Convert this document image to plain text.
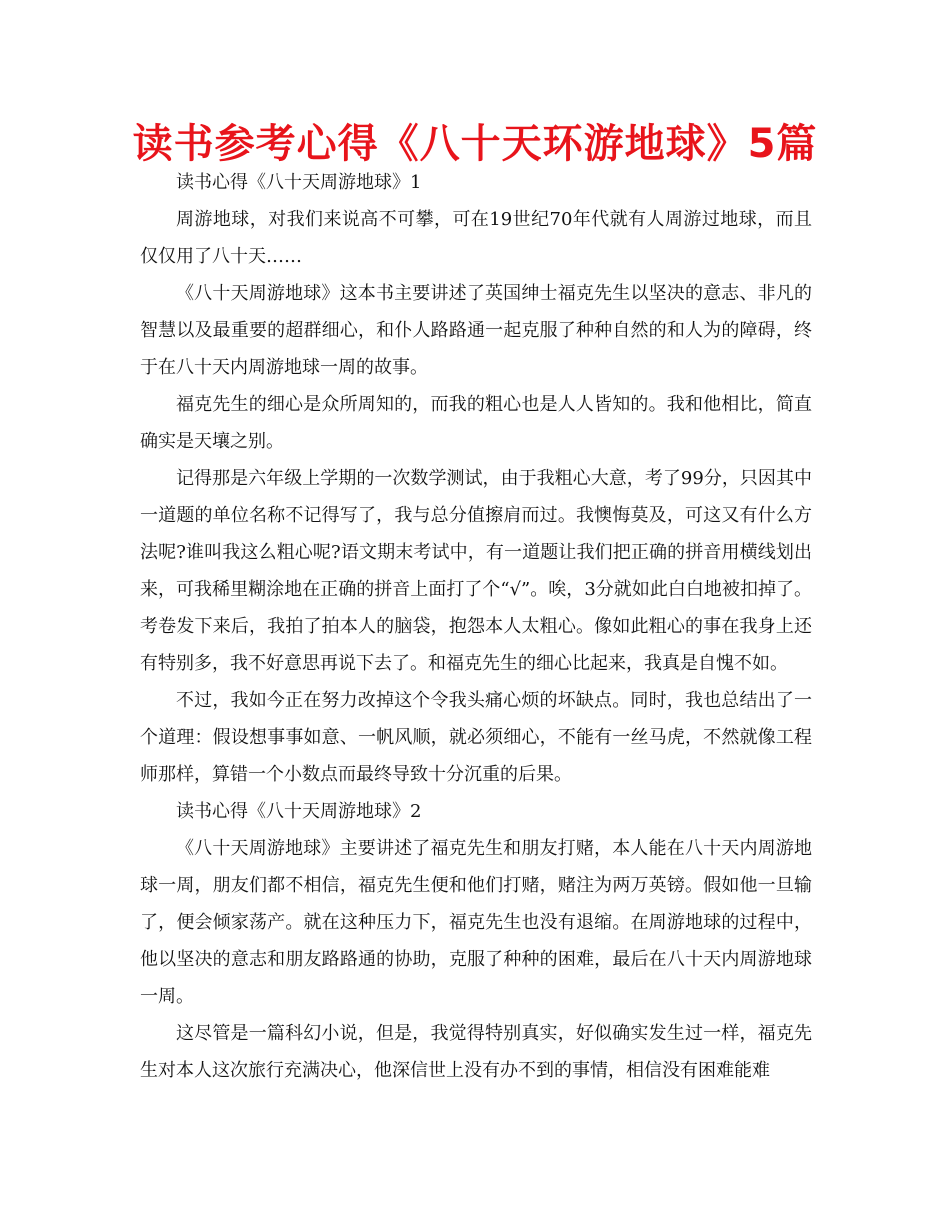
读书参考心得《八十天环游地球》5篇

读书心得《八十天周游地球》1

周游地球，对我们来说高不可攀，可在19世纪70年代就有人周游过地球，而且仅仅用了八十天……

《八十天周游地球》这本书主要讲述了英国绅士福克先生以坚决的意志、非凡的智慧以及最重要的超群细心，和仆人路路通一起克服了种种自然的和人为的障碍，终于在八十天内周游地球一周的故事。

福克先生的细心是众所周知的，而我的粗心也是人人皆知的。我和他相比，简直确实是天壤之别。

记得那是六年级上学期的一次数学测试，由于我粗心大意，考了99分，只因其中一道题的单位名称不记得写了，我与总分值擦肩而过。我懊悔莫及，可这又有什么方法呢?谁叫我这么粗心呢?语文期末考试中，有一道题让我们把正确的拼音用横线划出来，可我稀里糊涂地在正确的拼音上面打了个“√”。唉，3分就如此白白地被扣掉了。考卷发下来后，我拍了拍本人的脑袋，抱怨本人太粗心。像如此粗心的事在我身上还有特别多，我不好意思再说下去了。和福克先生的细心比起来，我真是自愧不如。

不过，我如今正在努力改掉这个令我头痛心烦的坏缺点。同时，我也总结出了一个道理：假设想事事如意、一帆风顺，就必须细心，不能有一丝马虎，不然就像工程师那样，算错一个小数点而最终导致十分沉重的后果。

读书心得《八十天周游地球》2

《八十天周游地球》主要讲述了福克先生和朋友打赌，本人能在八十天内周游地球一周，朋友们都不相信，福克先生便和他们打赌，赌注为两万英镑。假如他一旦输了，便会倾家荡产。就在这种压力下，福克先生也没有退缩。在周游地球的过程中，他以坚决的意志和朋友路路通的协助，克服了种种的困难，最后在八十天内周游地球一周。

这尽管是一篇科幻小说，但是，我觉得特别真实，好似确实发生过一样，福克先生对本人这次旅行充满决心，他深信世上没有办不到的事情，相信没有困难能难
